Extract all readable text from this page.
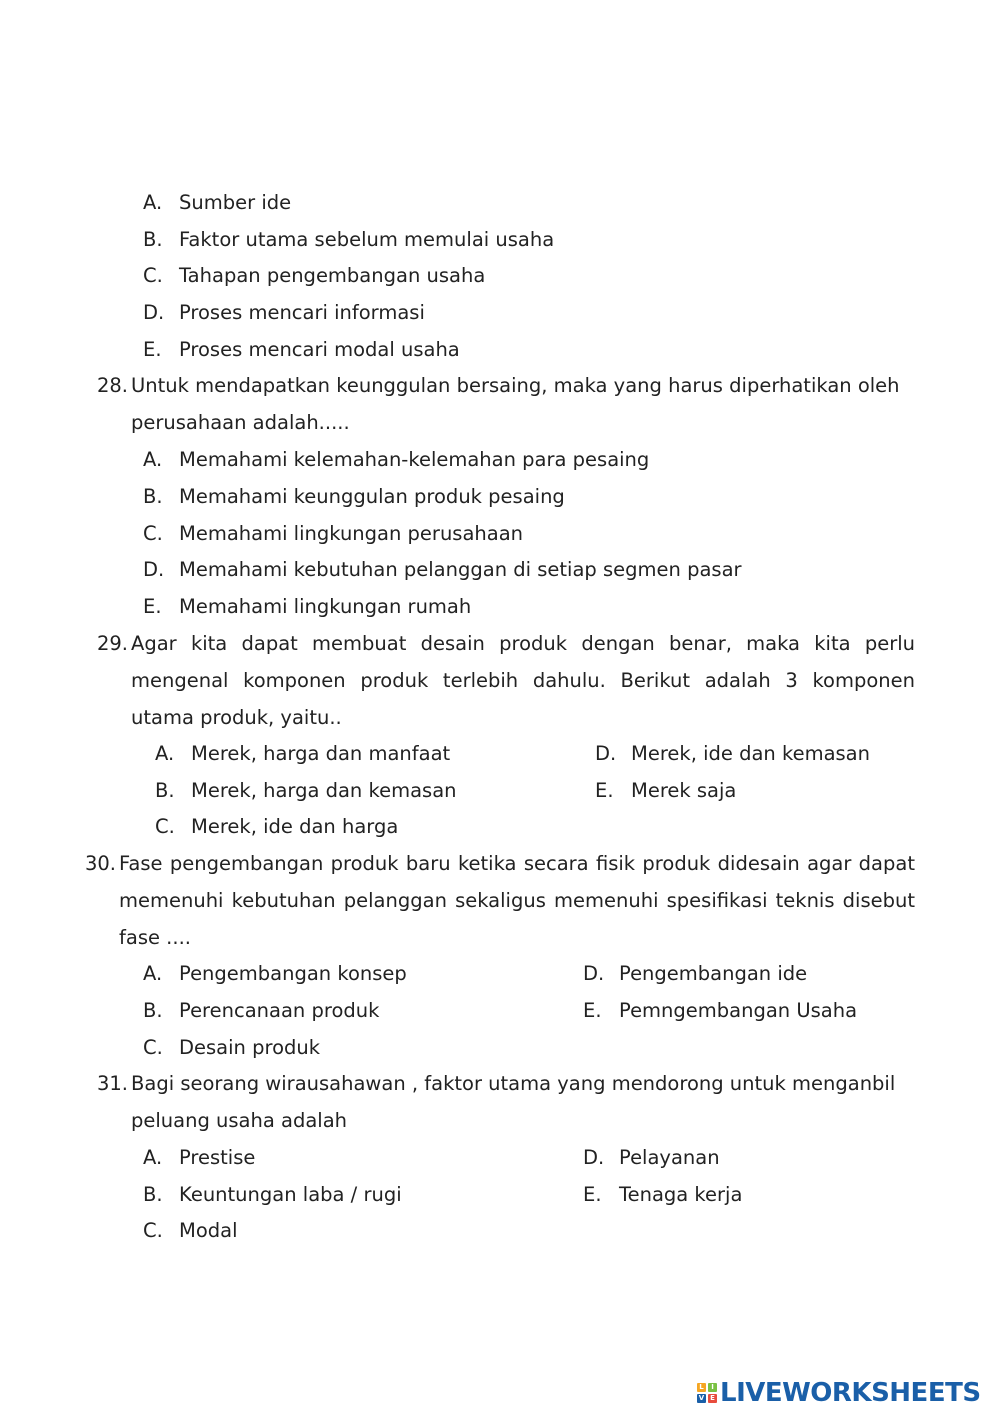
A. Sumber ide
B. Faktor utama sebelum memulai usaha
C. Tahapan pengembangan usaha
D. Proses mencari informasi
E. Proses mencari modal usaha
28. Untuk mendapatkan keunggulan bersaing, maka yang harus diperhatikan oleh
perusahaan adalah.....
A. Memahami kelemahan-kelemahan para pesaing
B. Memahami keunggulan produk pesaing
C. Memahami lingkungan perusahaan
D. Memahami kebutuhan pelanggan di setiap segmen pasar
E. Memahami lingkungan rumah
29. Agar kita dapat membuat desain produk dengan benar, maka kita perlu
mengenal komponen produk terlebih dahulu. Berikut adalah 3 komponen
utama produk, yaitu..
A. Merek, harga dan manfaat
B. Merek, harga dan kemasan
C. Merek, ide dan harga
D. Merek, ide dan kemasan
E. Merek saja
30. Fase pengembangan produk baru ketika secara fisik produk didesain agar dapat
memenuhi kebutuhan pelanggan sekaligus memenuhi spesifikasi teknis disebut
fase ....
A. Pengembangan konsep
B. Perencanaan produk
C. Desain produk
D. Pengembangan ide
E. Pemngembangan Usaha
31. Bagi seorang wirausahawan , faktor utama yang mendorong untuk menganbil
peluang usaha adalah
A. Prestise
B. Keuntungan laba / rugi
C. Modal
D. Pelayanan
E. Tenaga kerja
L	I
V E LIVEWORKSHEETS
